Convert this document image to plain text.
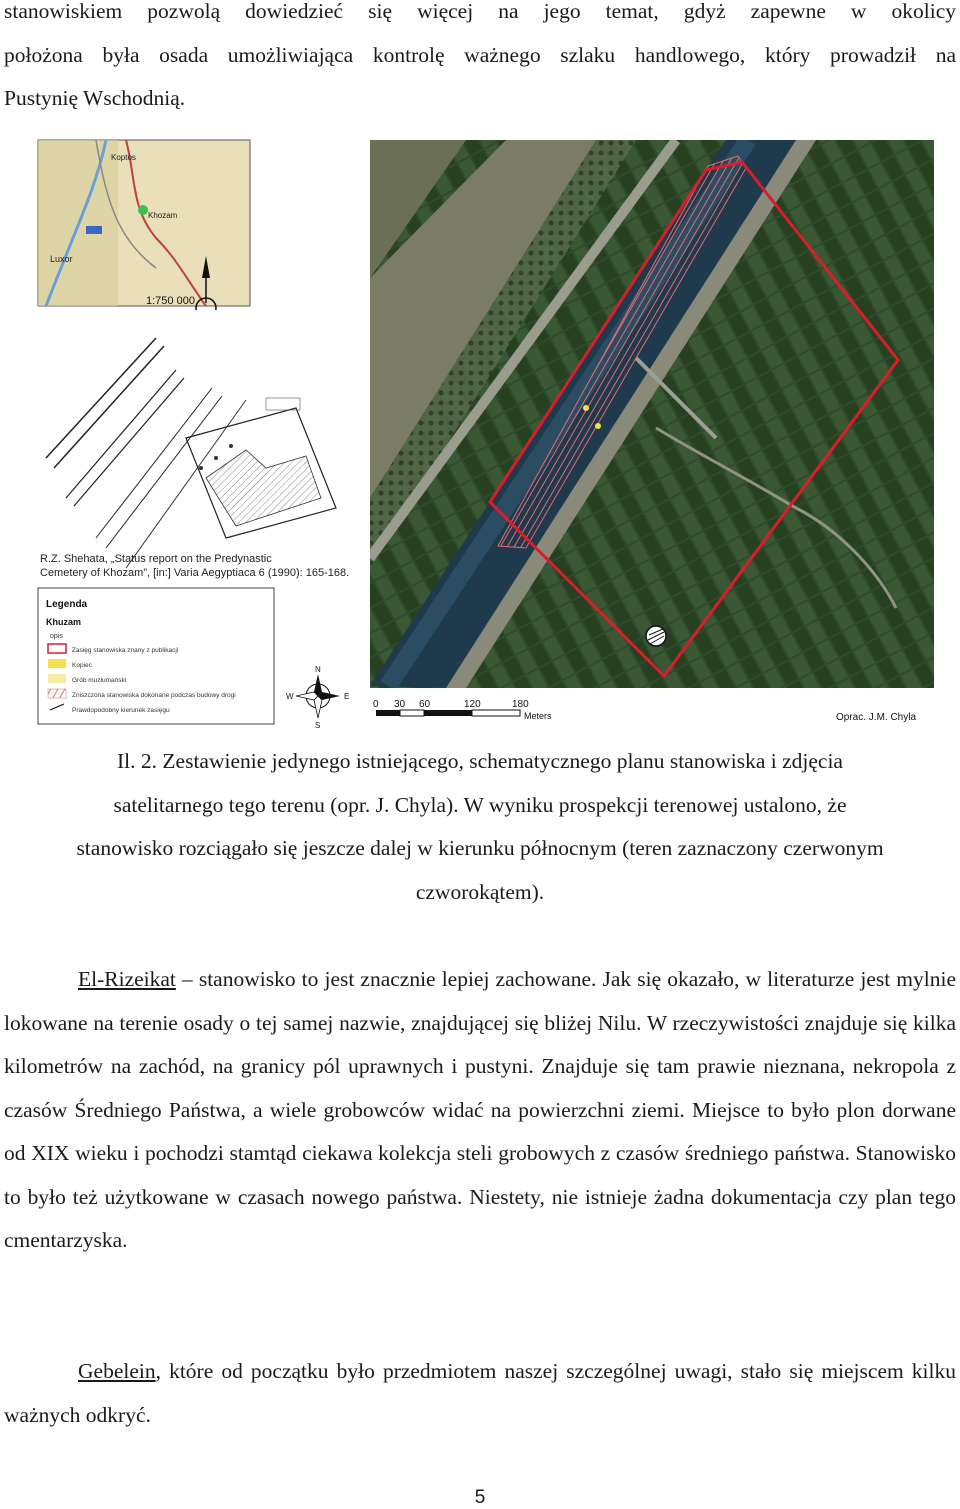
stanowiskiem pozwolą dowiedzieć się więcej na jego temat, gdyż zapewne w okolicy
położona była osada umożliwiająca kontrolę ważnego szlaku handlowego, który prowadził na
Pustynię Wschodnią.

Koptos
Khozam
Luxor
1:750 000
R.Z. Shehata, „Status report on the Predynastic
Cemetery of Khozam”, [in:] Varia Aegyptiaca 6 (1990): 165-168.
Legenda
Khuzam
opis
Zasięg stanowiska znany z publikacji
Kopiec
Grób muzłumański
Zniszczona stanowiska dokonane podczas budowy drogi
Prawdopodobny kierunek zasięgu
N
S
E
W
0 30 60	120	180
Meters	Oprac. J.M. Chyla
Il. 2. Zestawienie jedynego istniejącego, schematycznego planu stanowiska i zdjęcia
satelitarnego tego terenu (opr. J. Chyla). W wyniku prospekcji terenowej ustalono, że
stanowisko rozciągało się jeszcze dalej w kierunku północnym (teren zaznaczony czerwonym
czworokątem).

El-Rizeikat – stanowisko to jest znacznie lepiej zachowane. Jak się okazało, w literaturze jest mylnie lokowane na terenie osady o tej samej nazwie, znajdującej się bliżej Nilu. W rzeczywistości znajduje się kilka kilometrów na zachód, na granicy pól uprawnych i pustyni. Znajduje się tam prawie nieznana, nekropola z czasów Średniego Państwa, a wiele grobowców widać na powierzchni ziemi. Miejsce to było plon dorwane od XIX wieku i pochodzi stamtąd ciekawa kolekcja steli grobowych z czasów średniego państwa. Stanowisko to było też użytkowane w czasach nowego państwa. Niestety, nie istnieje żadna dokumentacja czy plan tego cmentarzyska.

Gebelein, które od początku było przedmiotem naszej szczególnej uwagi, stało się miejscem kilku ważnych odkryć.

5
